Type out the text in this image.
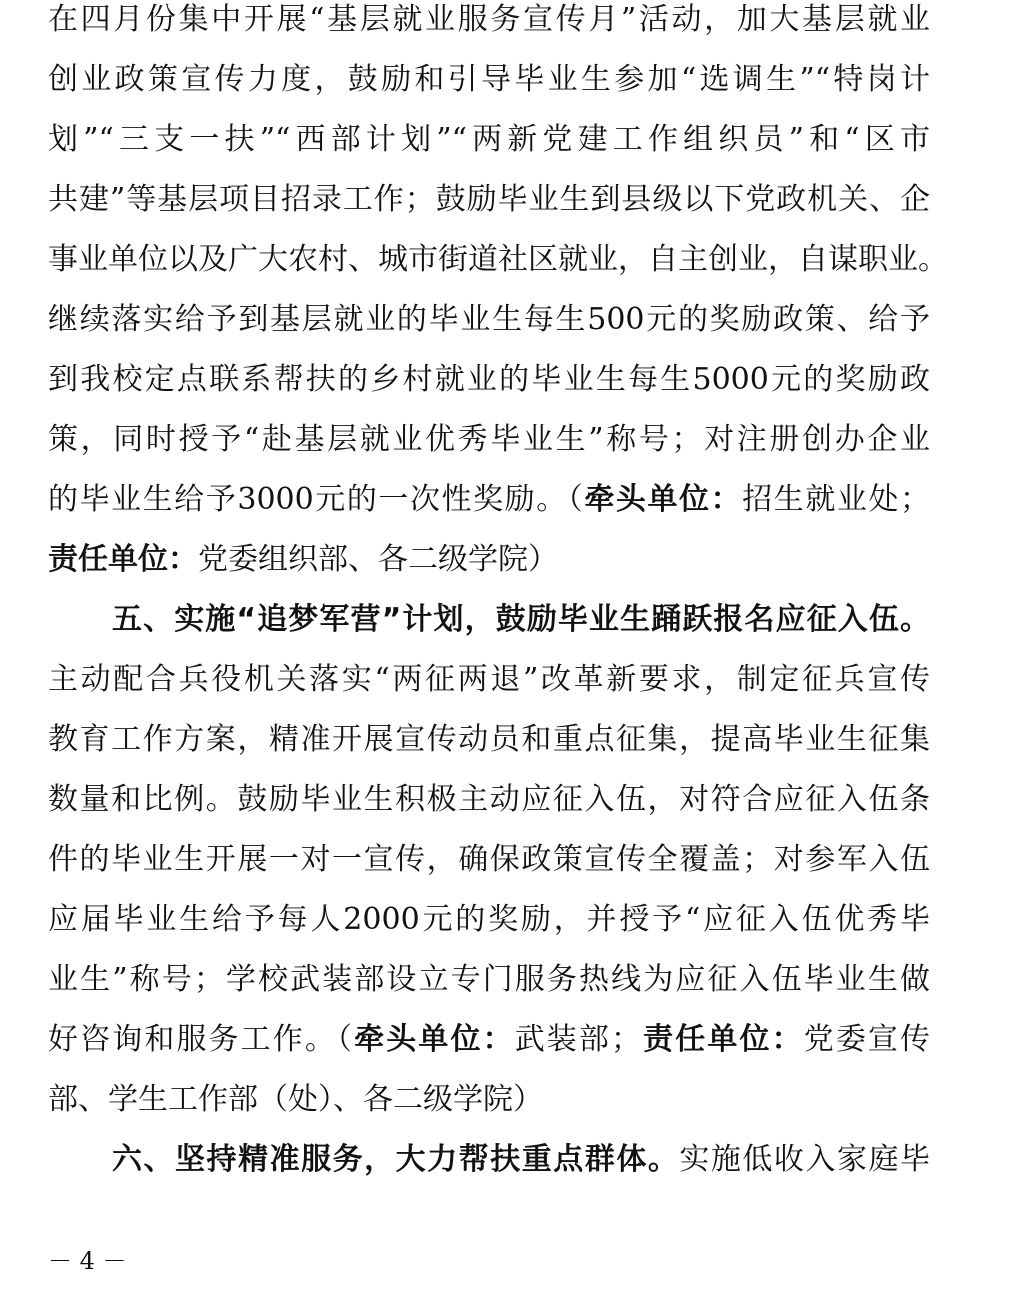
在四月份集中开展“基层就业服务宣传月”活动，加大基层就业
创业政策宣传力度，鼓励和引导毕业生参加“选调生”“特岗计
划”“三支一扶”“西部计划”“两新党建工作组织员”和“区市
共建”等基层项目招录工作；鼓励毕业生到县级以下党政机关、企
事业单位以及广大农村、城市街道社区就业，自主创业，自谋职业。
继续落实给予到基层就业的毕业生每生500元的奖励政策、给予
到我校定点联系帮扶的乡村就业的毕业生每生5000元的奖励政
策，同时授予“赴基层就业优秀毕业生”称号；对注册创办企业
的毕业生给予3000元的一次性奖励。（牵头单位：招生就业处；
责任单位：党委组织部、各二级学院）
五、实施“追梦军营”计划，鼓励毕业生踊跃报名应征入伍。
主动配合兵役机关落实“两征两退”改革新要求，制定征兵宣传
教育工作方案，精准开展宣传动员和重点征集，提高毕业生征集
数量和比例。鼓励毕业生积极主动应征入伍，对符合应征入伍条
件的毕业生开展一对一宣传，确保政策宣传全覆盖；对参军入伍
应届毕业生给予每人2000元的奖励，并授予“应征入伍优秀毕
业生”称号；学校武装部设立专门服务热线为应征入伍毕业生做
好咨询和服务工作。（牵头单位：武装部；责任单位：党委宣传
部、学生工作部（处）、各二级学院）
六、坚持精准服务，大力帮扶重点群体。实施低收入家庭毕
－ 4 －
